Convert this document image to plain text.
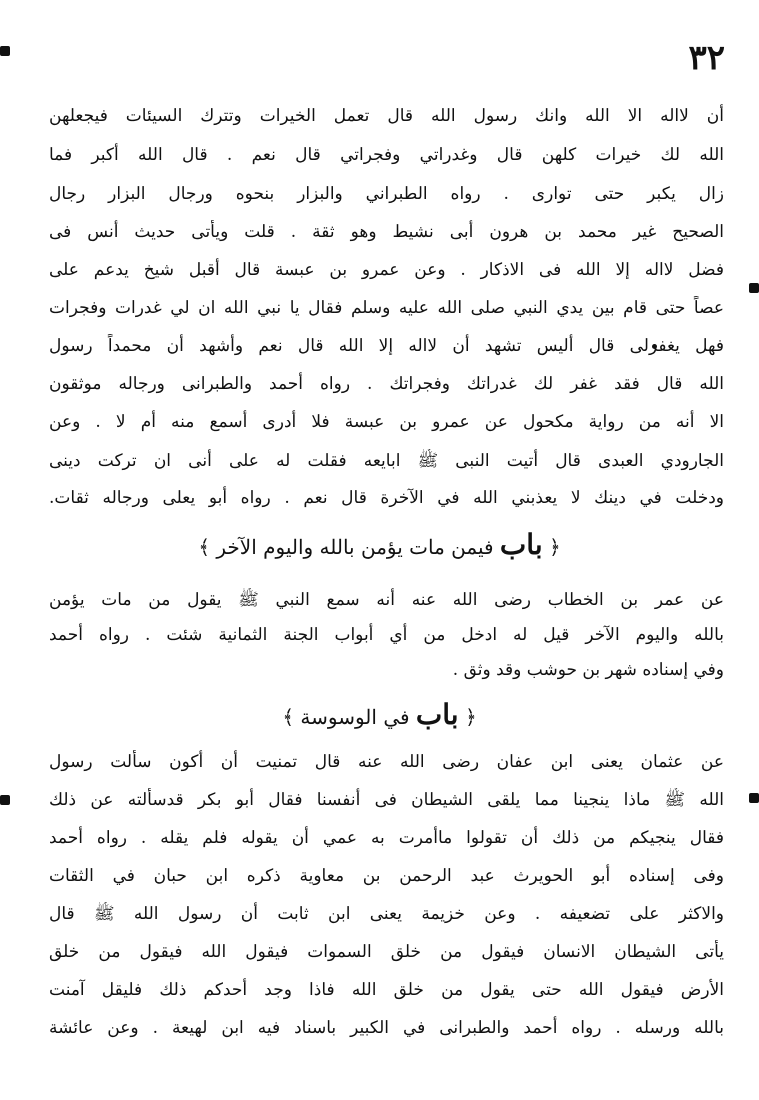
٣٢
أن لااله الا الله وانك رسول الله قال تعمل الخيرات وتترك السيئات فيجعلهن
الله لك خيرات كلهن قال وغدراتي وفجراتي قال نعم . قال الله أكبر فما
زال يكبر حتى توارى . رواه الطبراني والبزار بنحوه ورجال البزار رجال
الصحيح غير محمد بن هرون أبى نشيط وهو ثقة . قلت ويأتى حديث أنس فى
فضل لااله إلا الله فى الاذكار . وعن عمرو بن عبسة قال أقبل شيخ يدعم على
عصاً حتى قام بين يدي النبي صلى الله عليه وسلم فقال يا نبي الله ان لي غدرات وفجرات
فهل يغفرلى قال أليس تشهد أن لااله إلا الله قال نعم وأشهد أن محمداً رسول
الله قال فقد غفر لك غدراتك وفجراتك . رواه أحمد والطبرانى ورجاله موثقون
الا أنه من رواية مكحول عن عمرو بن عبسة فلا أدرى أسمع منه أم لا . وعن
الجارودي العبدى قال أتيت النبى ﷺ ابايعه فقلت له على أنى ان تركت دينى
ودخلت في دينك لا يعذبني الله في الآخرة قال نعم . رواه أبو يعلى ورجاله ثقات.
﴿ باب فيمن مات يؤمن بالله واليوم الآخر ﴾
عن عمر بن الخطاب رضى الله عنه أنه سمع النبي ﷺ يقول من مات يؤمن
بالله واليوم الآخر قيل له ادخل من أي أبواب الجنة الثمانية شئت . رواه أحمد
وفي إسناده شهر بن حوشب وقد وثق .
﴿ باب في الوسوسة ﴾
عن عثمان يعنى ابن عفان رضى الله عنه قال تمنيت أن أكون سألت رسول
الله ﷺ ماذا ينجينا مما يلقى الشيطان فى أنفسنا فقال أبو بكر قدسألته عن ذلك
فقال ينجيكم من ذلك أن تقولوا ماأمرت به عمي أن يقوله فلم يقله . رواه أحمد
وفى إسناده أبو الحويرث عبد الرحمن بن معاوية ذكره ابن حبان في الثقات
والاكثر على تضعيفه . وعن خزيمة يعنى ابن ثابت أن رسول الله ﷺ قال
يأتى الشيطان الانسان فيقول من خلق السموات فيقول الله فيقول من خلق
الأرض فيقول الله حتى يقول من خلق الله فاذا وجد أحدكم ذلك فليقل آمنت
بالله ورسله . رواه أحمد والطبرانى في الكبير باسناد فيه ابن لهيعة . وعن عائشة
